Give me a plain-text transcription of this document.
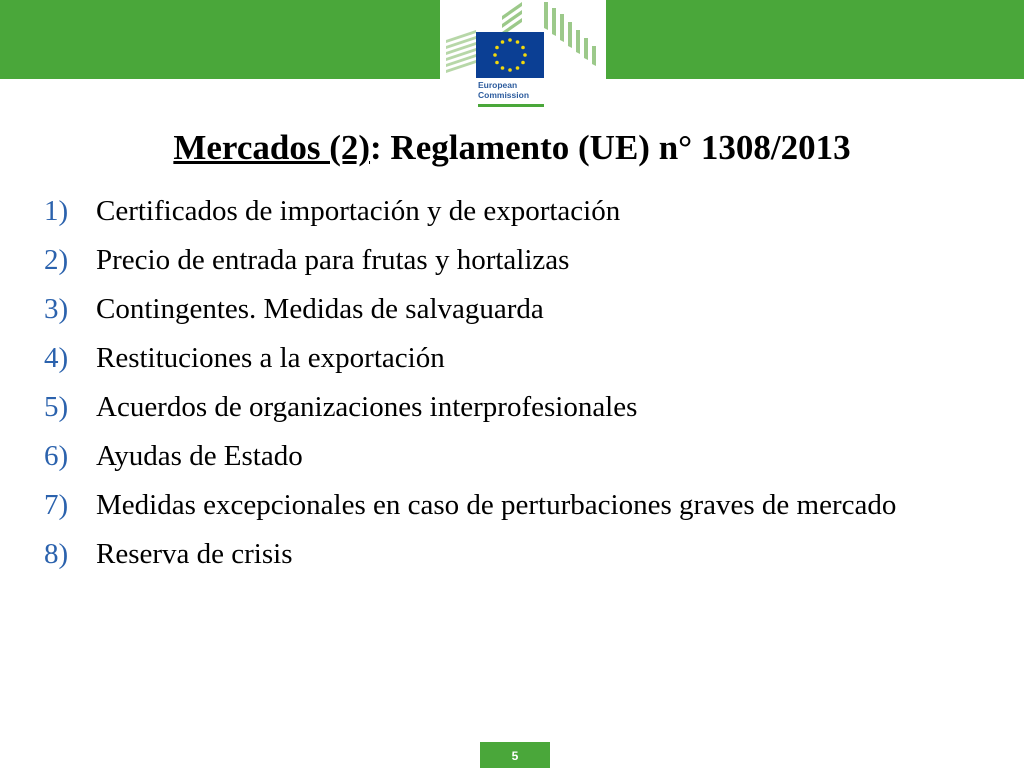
European
Commission
Mercados (2): Reglamento (UE) n° 1308/2013
1) Certificados de importación y de exportación
2) Precio de entrada para frutas y hortalizas
3) Contingentes. Medidas de salvaguarda
4) Restituciones a la exportación
5) Acuerdos de organizaciones interprofesionales
6) Ayudas de Estado
7) Medidas excepcionales en caso de perturbaciones graves de mercado
8) Reserva de crisis
5
